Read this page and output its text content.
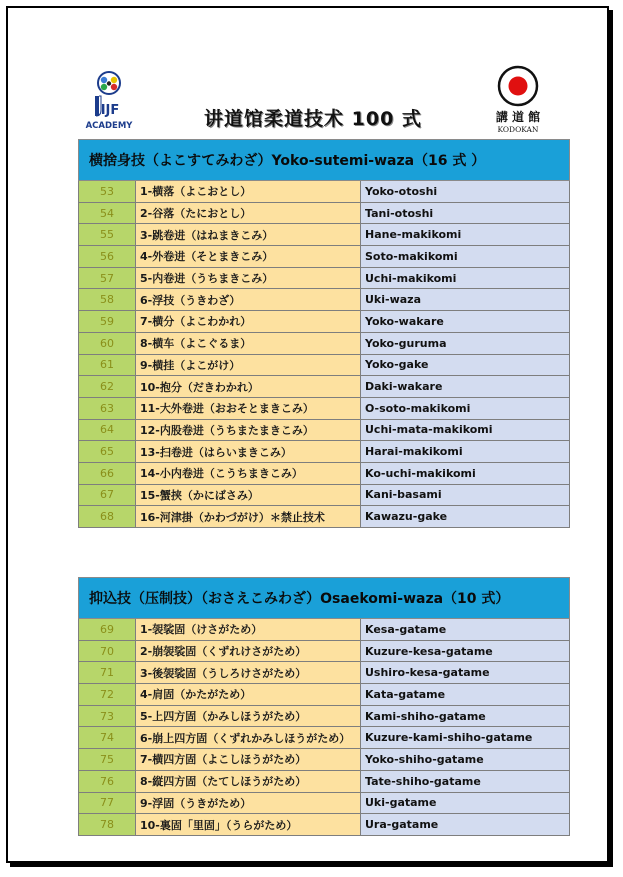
IJF
ACADEMY	讲道馆柔道技术 100 式	講 道 館
KODOKAN
横捨身技（よこすてみわざ）Yoko-sutemi-waza（16 式 ）		
53	1-横落（よこおとし）	Yoko-otoshi
54	2-谷落（たにおとし）	Tani-otoshi
55	3-跳卷进（はねまきこみ）	Hane-makikomi
56	4-外卷进（そとまきこみ）	Soto-makikomi
57	5-内卷进（うちまきこみ）	Uchi-makikomi
58	6-浮技（うきわざ）	Uki-waza
59	7-横分（よこわかれ）	Yoko-wakare
60	8-横车（よこぐるま）	Yoko-guruma
61	9-横挂（よこがけ）	Yoko-gake
62	10-抱分（だきわかれ）	Daki-wakare
63	11-大外卷进（おおそとまきこみ）	O-soto-makikomi
64	12-内股卷进（うちまたまきこみ）	Uchi-mata-makikomi
65	13-扫卷进（はらいまきこみ）	Harai-makikomi
66	14-小内卷进（こうちまきこみ）	Ko-uchi-makikomi
67	15-蟹挟（かにばさみ）	Kani-basami
68	16-河津掛（かわづがけ）＊禁止技术	Kawazu-gake
抑込技（压制技）（おさえこみわざ）Osaekomi-waza（10 式）		
69	1-袈裟固（けさがため）	Kesa-gatame
70	2-崩袈裟固（くずれけさがため）	Kuzure-kesa-gatame
71	3-後袈裟固（うしろけさがため）	Ushiro-kesa-gatame
72	4-肩固（かたがため）	Kata-gatame
73	5-上四方固（かみしほうがため）	Kami-shiho-gatame
74	6-崩上四方固（くずれかみしほうがため）	Kuzure-kami-shiho-gatame
75	7-横四方固（よこしほうがため）	Yoko-shiho-gatame
76	8-縦四方固（たてしほうがため）	Tate-shiho-gatame
77	9-浮固（うきがため）	Uki-gatame
78	10-裏固「里固」（うらがため）	Ura-gatame
